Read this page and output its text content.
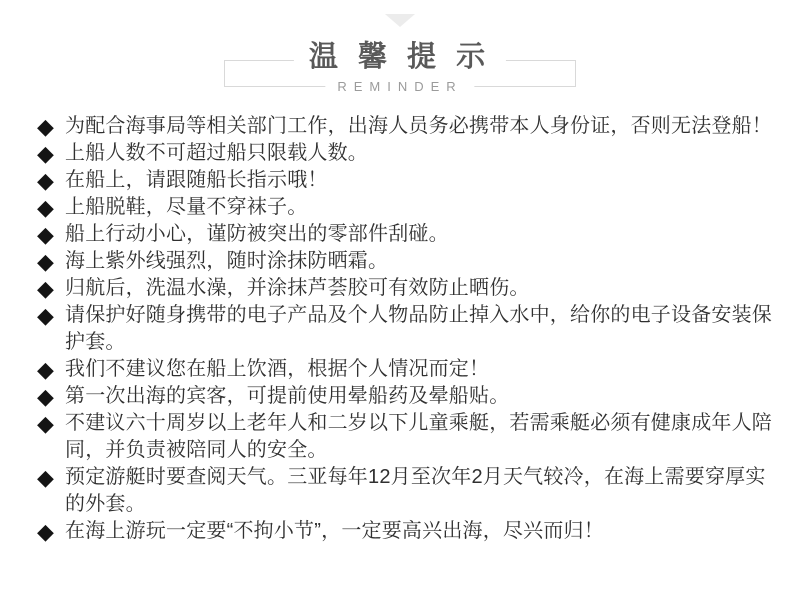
温 馨 提 示
REMINDER
◆ 为配合海事局等相关部门工作，出海人员务必携带本人身份证，否则无法登船！
◆ 上船人数不可超过船只限载人数。
◆ 在船上，请跟随船长指示哦！
◆ 上船脱鞋，尽量不穿袜子。
◆ 船上行动小心，谨防被突出的零部件刮碰。
◆ 海上紫外线强烈，随时涂抹防晒霜。
◆ 归航后，洗温水澡，并涂抹芦荟胶可有效防止晒伤。
◆ 请保护好随身携带的电子产品及个人物品防止掉入水中，给你的电子设备安装保护套。
◆ 我们不建议您在船上饮酒，根据个人情况而定！
◆ 第一次出海的宾客，可提前使用晕船药及晕船贴。
◆ 不建议六十周岁以上老年人和二岁以下儿童乘艇，若需乘艇必须有健康成年人陪同，并负责被陪同人的安全。
◆ 预定游艇时要查阅天气。三亚每年12月至次年2月天气较冷，在海上需要穿厚实的外套。
◆ 在海上游玩一定要“不拘小节”，一定要高兴出海，尽兴而归！
